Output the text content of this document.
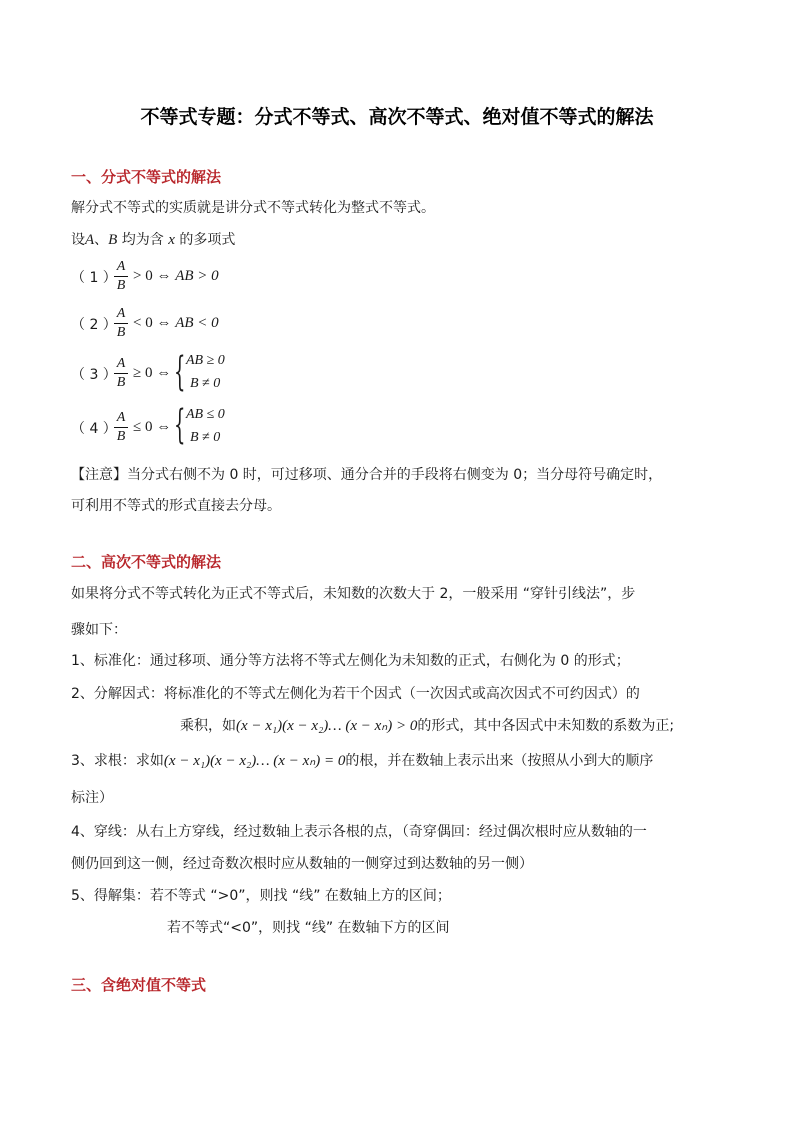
不等式专题：分式不等式、高次不等式、绝对值不等式的解法
一、分式不等式的解法
解分式不等式的实质就是讲分式不等式转化为整式不等式。
设A、B 均为含 x 的多项式
（ 1 ）
A
B
> 0 ⇔ AB > 0
（ 2 ）
A
B
< 0 ⇔ AB < 0
（ 3 ）
A
B
≥ 0 ⇔ { AB ≥ 0
B ≠ 0
（ 4 ）
A
B
≤ 0 ⇔ { AB ≤ 0
B ≠ 0
【注意】当分式右侧不为 0 时，可过移项、通分合并的手段将右侧变为 0；当分母符号确定时，
可利用不等式的形式直接去分母。
二、高次不等式的解法
如果将分式不等式转化为正式不等式后，未知数的次数大于 2，一般采用 “穿针引线法”，步
骤如下：
1、标准化：通过移项、通分等方法将不等式左侧化为未知数的正式，右侧化为 0 的形式；
2、分解因式：将标准化的不等式左侧化为若干个因式（一次因式或高次因式不可约因式）的
乘积，如(x − x₁)(x − x₂)… (x − xₙ) > 0的形式，其中各因式中未知数的系数为正;
3、求根：求如(x − x₁)(x − x₂)… (x − xₙ) = 0的根，并在数轴上表示出来（按照从小到大的顺序
标注）
4、穿线：从右上方穿线，经过数轴上表示各根的点，（奇穿偶回：经过偶次根时应从数轴的一
侧仍回到这一侧，经过奇数次根时应从数轴的一侧穿过到达数轴的另一侧）
5、得解集：若不等式 “>0”，则找 “线” 在数轴上方的区间；
若不等式“<0”，则找 “线” 在数轴下方的区间
三、含绝对值不等式
